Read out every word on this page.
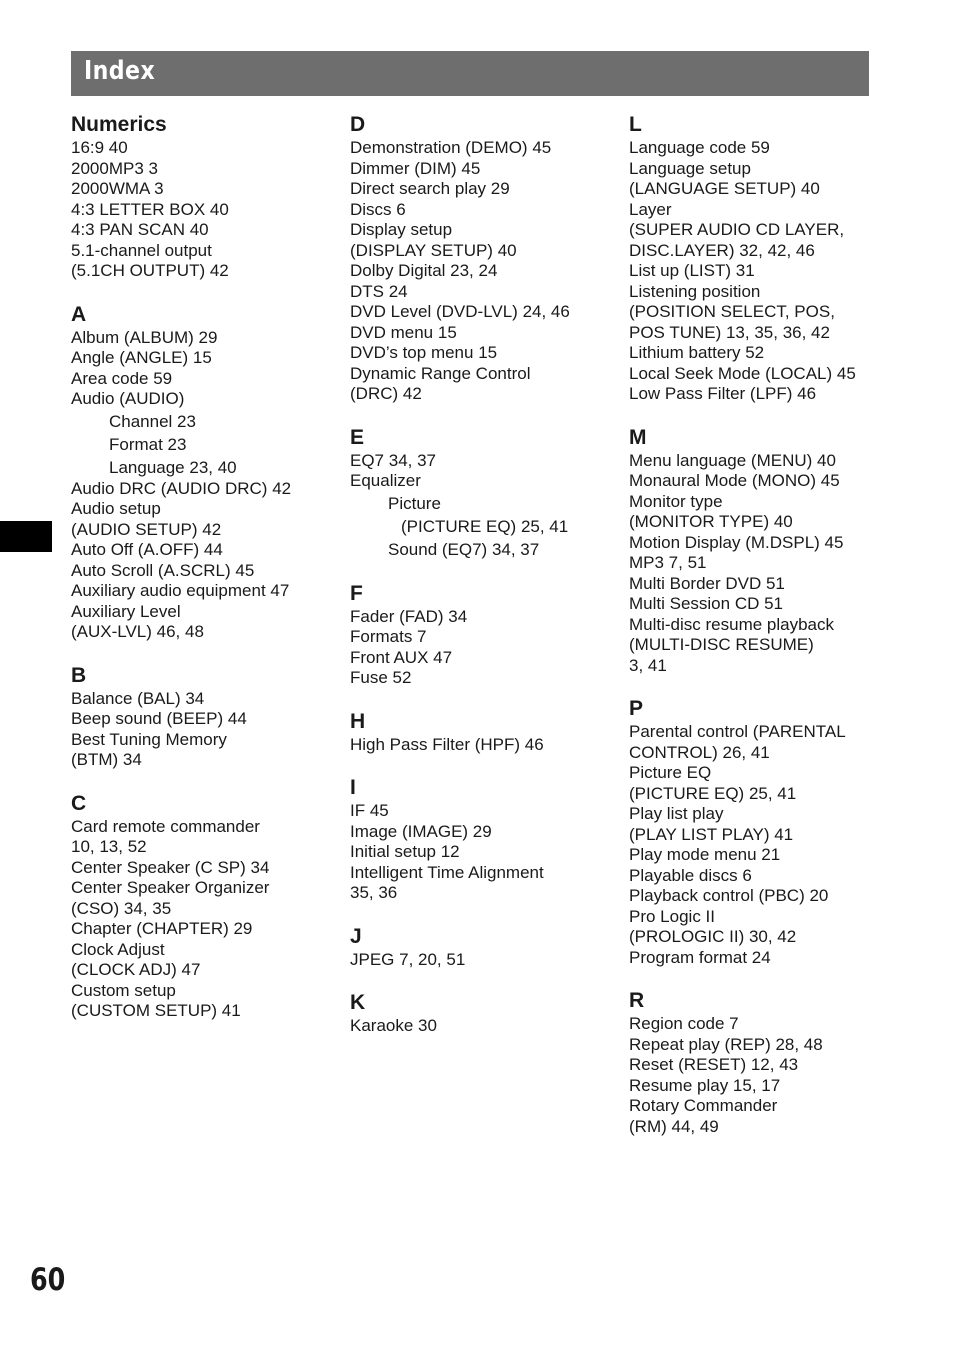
Index
Numerics
16:9 40
2000MP3 3
2000WMA 3
4:3 LETTER BOX 40
4:3 PAN SCAN 40
5.1-channel output
(5.1CH OUTPUT) 42
A
Album (ALBUM) 29
Angle (ANGLE) 15
Area code 59
Audio (AUDIO)
Channel 23
Format 23
Language 23, 40
Audio DRC (AUDIO DRC) 42
Audio setup
(AUDIO SETUP) 42
Auto Off (A.OFF) 44
Auto Scroll (A.SCRL) 45
Auxiliary audio equipment 47
Auxiliary Level
(AUX-LVL) 46, 48
B
Balance (BAL) 34
Beep sound (BEEP) 44
Best Tuning Memory
(BTM) 34
C
Card remote commander
10, 13, 52
Center Speaker (C SP) 34
Center Speaker Organizer
(CSO) 34, 35
Chapter (CHAPTER) 29
Clock Adjust
(CLOCK ADJ) 47
Custom setup
(CUSTOM SETUP) 41
D
Demonstration (DEMO) 45
Dimmer (DIM) 45
Direct search play 29
Discs 6
Display setup
(DISPLAY SETUP) 40
Dolby Digital 23, 24
DTS 24
DVD Level (DVD-LVL) 24, 46
DVD menu 15
DVD’s top menu 15
Dynamic Range Control
(DRC) 42
E
EQ7 34, 37
Equalizer
Picture
(PICTURE EQ) 25, 41
Sound (EQ7) 34, 37
F
Fader (FAD) 34
Formats 7
Front AUX 47
Fuse 52
H
High Pass Filter (HPF) 46
I
IF 45
Image (IMAGE) 29
Initial setup 12
Intelligent Time Alignment
35, 36
J
JPEG 7, 20, 51
K
Karaoke 30
L
Language code 59
Language setup
(LANGUAGE SETUP) 40
Layer
(SUPER AUDIO CD LAYER,
DISC.LAYER) 32, 42, 46
List up (LIST) 31
Listening position
(POSITION SELECT, POS,
POS TUNE) 13, 35, 36, 42
Lithium battery 52
Local Seek Mode (LOCAL) 45
Low Pass Filter (LPF) 46
M
Menu language (MENU) 40
Monaural Mode (MONO) 45
Monitor type
(MONITOR TYPE) 40
Motion Display (M.DSPL) 45
MP3 7, 51
Multi Border DVD 51
Multi Session CD 51
Multi-disc resume playback
(MULTI-DISC RESUME)
3, 41
P
Parental control (PARENTAL
CONTROL) 26, 41
Picture EQ
(PICTURE EQ) 25, 41
Play list play
(PLAY LIST PLAY) 41
Play mode menu 21
Playable discs 6
Playback control (PBC) 20
Pro Logic II
(PROLOGIC II) 30, 42
Program format 24
R
Region code 7
Repeat play (REP) 28, 48
Reset (RESET) 12, 43
Resume play 15, 17
Rotary Commander
(RM) 44, 49
60
